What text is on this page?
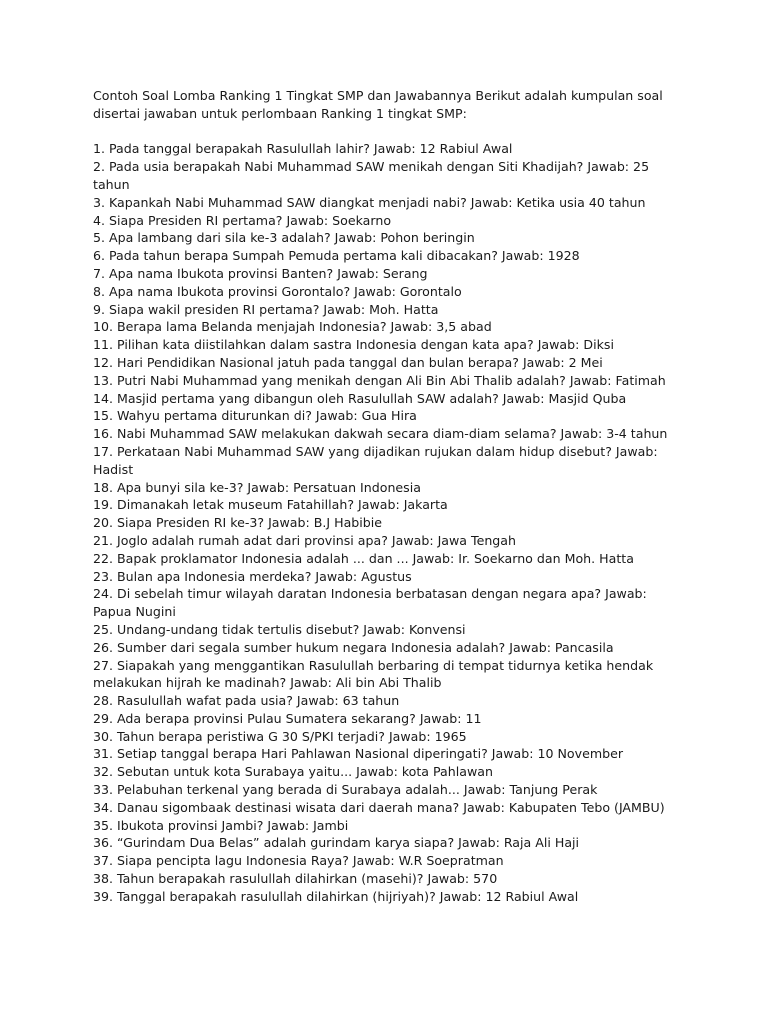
Contoh Soal Lomba Ranking 1 Tingkat SMP dan Jawabannya Berikut adalah kumpulan soal disertai jawaban untuk perlombaan Ranking 1 tingkat SMP:

1. Pada tanggal berapakah Rasulullah lahir? Jawab: 12 Rabiul Awal
2. Pada usia berapakah Nabi Muhammad SAW menikah dengan Siti Khadijah? Jawab: 25 tahun
3. Kapankah Nabi Muhammad SAW diangkat menjadi nabi? Jawab: Ketika usia 40 tahun
4. Siapa Presiden RI pertama? Jawab: Soekarno
5. Apa lambang dari sila ke-3 adalah? Jawab: Pohon beringin
6. Pada tahun berapa Sumpah Pemuda pertama kali dibacakan? Jawab: 1928
7. Apa nama Ibukota provinsi Banten? Jawab: Serang
8. Apa nama Ibukota provinsi Gorontalo? Jawab: Gorontalo
9. Siapa wakil presiden RI pertama? Jawab: Moh. Hatta
10. Berapa lama Belanda menjajah Indonesia? Jawab: 3,5 abad
11. Pilihan kata diistilahkan dalam sastra Indonesia dengan kata apa? Jawab: Diksi
12. Hari Pendidikan Nasional jatuh pada tanggal dan bulan berapa? Jawab: 2 Mei
13. Putri Nabi Muhammad yang menikah dengan Ali Bin Abi Thalib adalah? Jawab: Fatimah
14. Masjid pertama yang dibangun oleh Rasulullah SAW adalah? Jawab: Masjid Quba
15. Wahyu pertama diturunkan di? Jawab: Gua Hira
16. Nabi Muhammad SAW melakukan dakwah secara diam-diam selama? Jawab: 3-4 tahun
17. Perkataan Nabi Muhammad SAW yang dijadikan rujukan dalam hidup disebut? Jawab: Hadist
18. Apa bunyi sila ke-3? Jawab: Persatuan Indonesia
19. Dimanakah letak museum Fatahillah? Jawab: Jakarta
20. Siapa Presiden RI ke-3? Jawab: B.J Habibie
21. Joglo adalah rumah adat dari provinsi apa? Jawab: Jawa Tengah
22. Bapak proklamator Indonesia adalah ... dan ... Jawab: Ir. Soekarno dan Moh. Hatta
23. Bulan apa Indonesia merdeka? Jawab: Agustus
24. Di sebelah timur wilayah daratan Indonesia berbatasan dengan negara apa? Jawab: Papua Nugini
25. Undang-undang tidak tertulis disebut? Jawab: Konvensi
26. Sumber dari segala sumber hukum negara Indonesia adalah? Jawab: Pancasila
27. Siapakah yang menggantikan Rasulullah berbaring di tempat tidurnya ketika hendak melakukan hijrah ke madinah? Jawab: Ali bin Abi Thalib
28. Rasulullah wafat pada usia? Jawab: 63 tahun
29. Ada berapa provinsi Pulau Sumatera sekarang? Jawab: 11
30. Tahun berapa peristiwa G 30 S/PKI terjadi? Jawab: 1965
31. Setiap tanggal berapa Hari Pahlawan Nasional diperingati? Jawab: 10 November
32. Sebutan untuk kota Surabaya yaitu... Jawab: kota Pahlawan
33. Pelabuhan terkenal yang berada di Surabaya adalah... Jawab: Tanjung Perak
34. Danau sigombaak destinasi wisata dari daerah mana? Jawab: Kabupaten Tebo (JAMBU)
35. Ibukota provinsi Jambi? Jawab: Jambi
36. “Gurindam Dua Belas” adalah gurindam karya siapa? Jawab: Raja Ali Haji
37. Siapa pencipta lagu Indonesia Raya? Jawab: W.R Soepratman
38. Tahun berapakah rasulullah dilahirkan (masehi)? Jawab: 570
39. Tanggal berapakah rasulullah dilahirkan (hijriyah)? Jawab: 12 Rabiul Awal
